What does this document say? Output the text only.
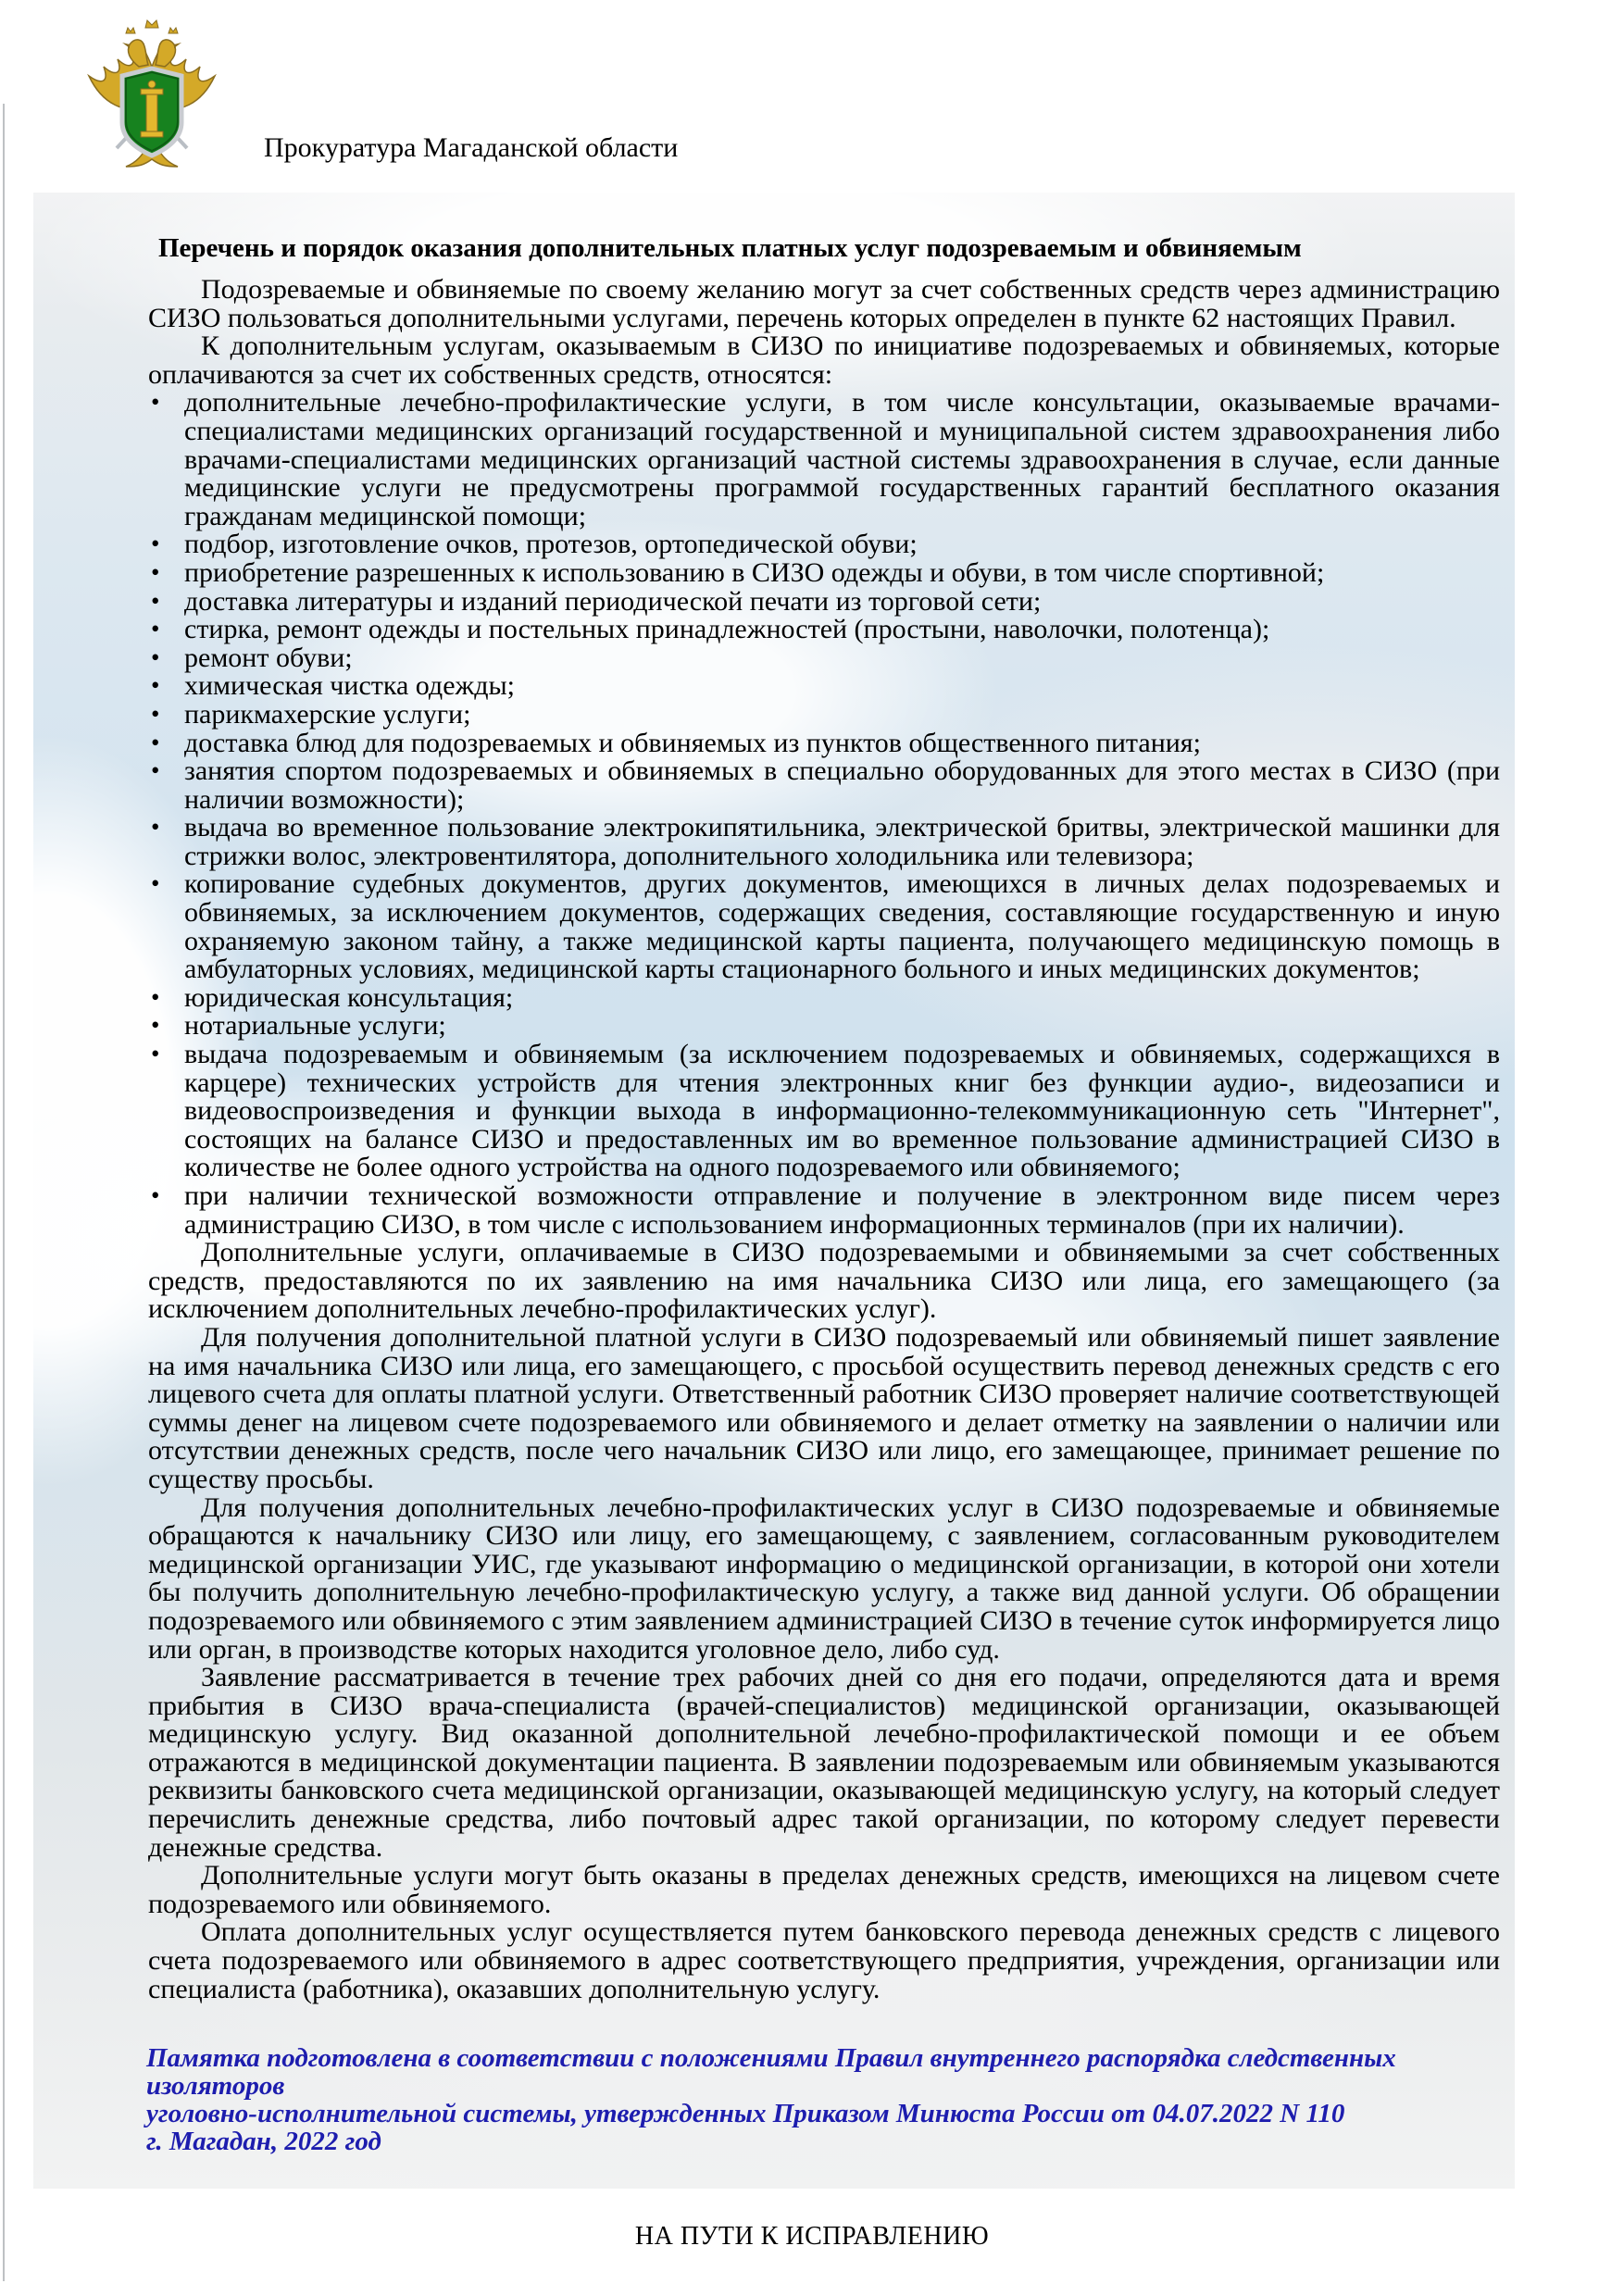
Прокуратура Магаданской области
Перечень и порядок оказания дополнительных платных услуг подозреваемым и обвиняемым

Подозреваемые и обвиняемые по своему желанию могут за счет собственных средств через администрацию СИЗО пользоваться дополнительными услугами, перечень которых определен в пункте 62 настоящих Правил.

К дополнительным услугам, оказываемым в СИЗО по инициативе подозреваемых и обвиняемых, которые оплачиваются за счет их собственных средств, относятся:

• дополнительные лечебно-профилактические услуги, в том числе консультации, оказываемые врачами-специалистами медицинских организаций государственной и муниципальной систем здравоохранения либо врачами-специалистами медицинских организаций частной системы здравоохранения в случае, если данные медицинские услуги не предусмотрены программой государственных гарантий бесплатного оказания гражданам медицинской помощи;
• подбор, изготовление очков, протезов, ортопедической обуви;
• приобретение разрешенных к использованию в СИЗО одежды и обуви, в том числе спортивной;
• доставка литературы и изданий периодической печати из торговой сети;
• стирка, ремонт одежды и постельных принадлежностей (простыни, наволочки, полотенца);
• ремонт обуви;
• химическая чистка одежды;
• парикмахерские услуги;
• доставка блюд для подозреваемых и обвиняемых из пунктов общественного питания;
• занятия спортом подозреваемых и обвиняемых в специально оборудованных для этого местах в СИЗО (при наличии возможности);
• выдача во временное пользование электрокипятильника, электрической бритвы, электрической машинки для стрижки волос, электровентилятора, дополнительного холодильника или телевизора;
• копирование судебных документов, других документов, имеющихся в личных делах подозреваемых и обвиняемых, за исключением документов, содержащих сведения, составляющие государственную и иную охраняемую законом тайну, а также медицинской карты пациента, получающего медицинскую помощь в амбулаторных условиях, медицинской карты стационарного больного и иных медицинских документов;
• юридическая консультация;
• нотариальные услуги;
• выдача подозреваемым и обвиняемым (за исключением подозреваемых и обвиняемых, содержащихся в карцере) технических устройств для чтения электронных книг без функции аудио-, видеозаписи и видеовоспроизведения и функции выхода в информационно-телекоммуникационную сеть "Интернет", состоящих на балансе СИЗО и предоставленных им во временное пользование администрацией СИЗО в количестве не более одного устройства на одного подозреваемого или обвиняемого;
• при наличии технической возможности отправление и получение в электронном виде писем через администрацию СИЗО, в том числе с использованием информационных терминалов (при их наличии).

Дополнительные услуги, оплачиваемые в СИЗО подозреваемыми и обвиняемыми за счет собственных средств, предоставляются по их заявлению на имя начальника СИЗО или лица, его замещающего (за исключением дополнительных лечебно-профилактических услуг).

Для получения дополнительной платной услуги в СИЗО подозреваемый или обвиняемый пишет заявление на имя начальника СИЗО или лица, его замещающего, с просьбой осуществить перевод денежных средств с его лицевого счета для оплаты платной услуги. Ответственный работник СИЗО проверяет наличие соответствующей суммы денег на лицевом счете подозреваемого или обвиняемого и делает отметку на заявлении о наличии или отсутствии денежных средств, после чего начальник СИЗО или лицо, его замещающее, принимает решение по существу просьбы.

Для получения дополнительных лечебно-профилактических услуг в СИЗО подозреваемые и обвиняемые обращаются к начальнику СИЗО или лицу, его замещающему, с заявлением, согласованным руководителем медицинской организации УИС, где указывают информацию о медицинской организации, в которой они хотели бы получить дополнительную лечебно-профилактическую услугу, а также вид данной услуги. Об обращении подозреваемого или обвиняемого с этим заявлением администрацией СИЗО в течение суток информируется лицо или орган, в производстве которых находится уголовное дело, либо суд.

Заявление рассматривается в течение трех рабочих дней со дня его подачи, определяются дата и время прибытия в СИЗО врача-специалиста (врачей-специалистов) медицинской организации, оказывающей медицинскую услугу. Вид оказанной дополнительной лечебно-профилактической помощи и ее объем отражаются в медицинской документации пациента. В заявлении подозреваемым или обвиняемым указываются реквизиты банковского счета медицинской организации, оказывающей медицинскую услугу, на который следует перечислить денежные средства, либо почтовый адрес такой организации, по которому следует перевести денежные средства.

Дополнительные услуги могут быть оказаны в пределах денежных средств, имеющихся на лицевом счете подозреваемого или обвиняемого.

Оплата дополнительных услуг осуществляется путем банковского перевода денежных средств с лицевого счета подозреваемого или обвиняемого в адрес соответствующего предприятия, учреждения, организации или специалиста (работника), оказавших дополнительную услугу.

Памятка подготовлена в соответствии с положениями Правил внутреннего распорядка следственных изоляторов
уголовно-исполнительной системы, утвержденных Приказом Минюста России от 04.07.2022 N 110
г. Магадан, 2022 год
НА ПУТИ К ИСПРАВЛЕНИЮ
